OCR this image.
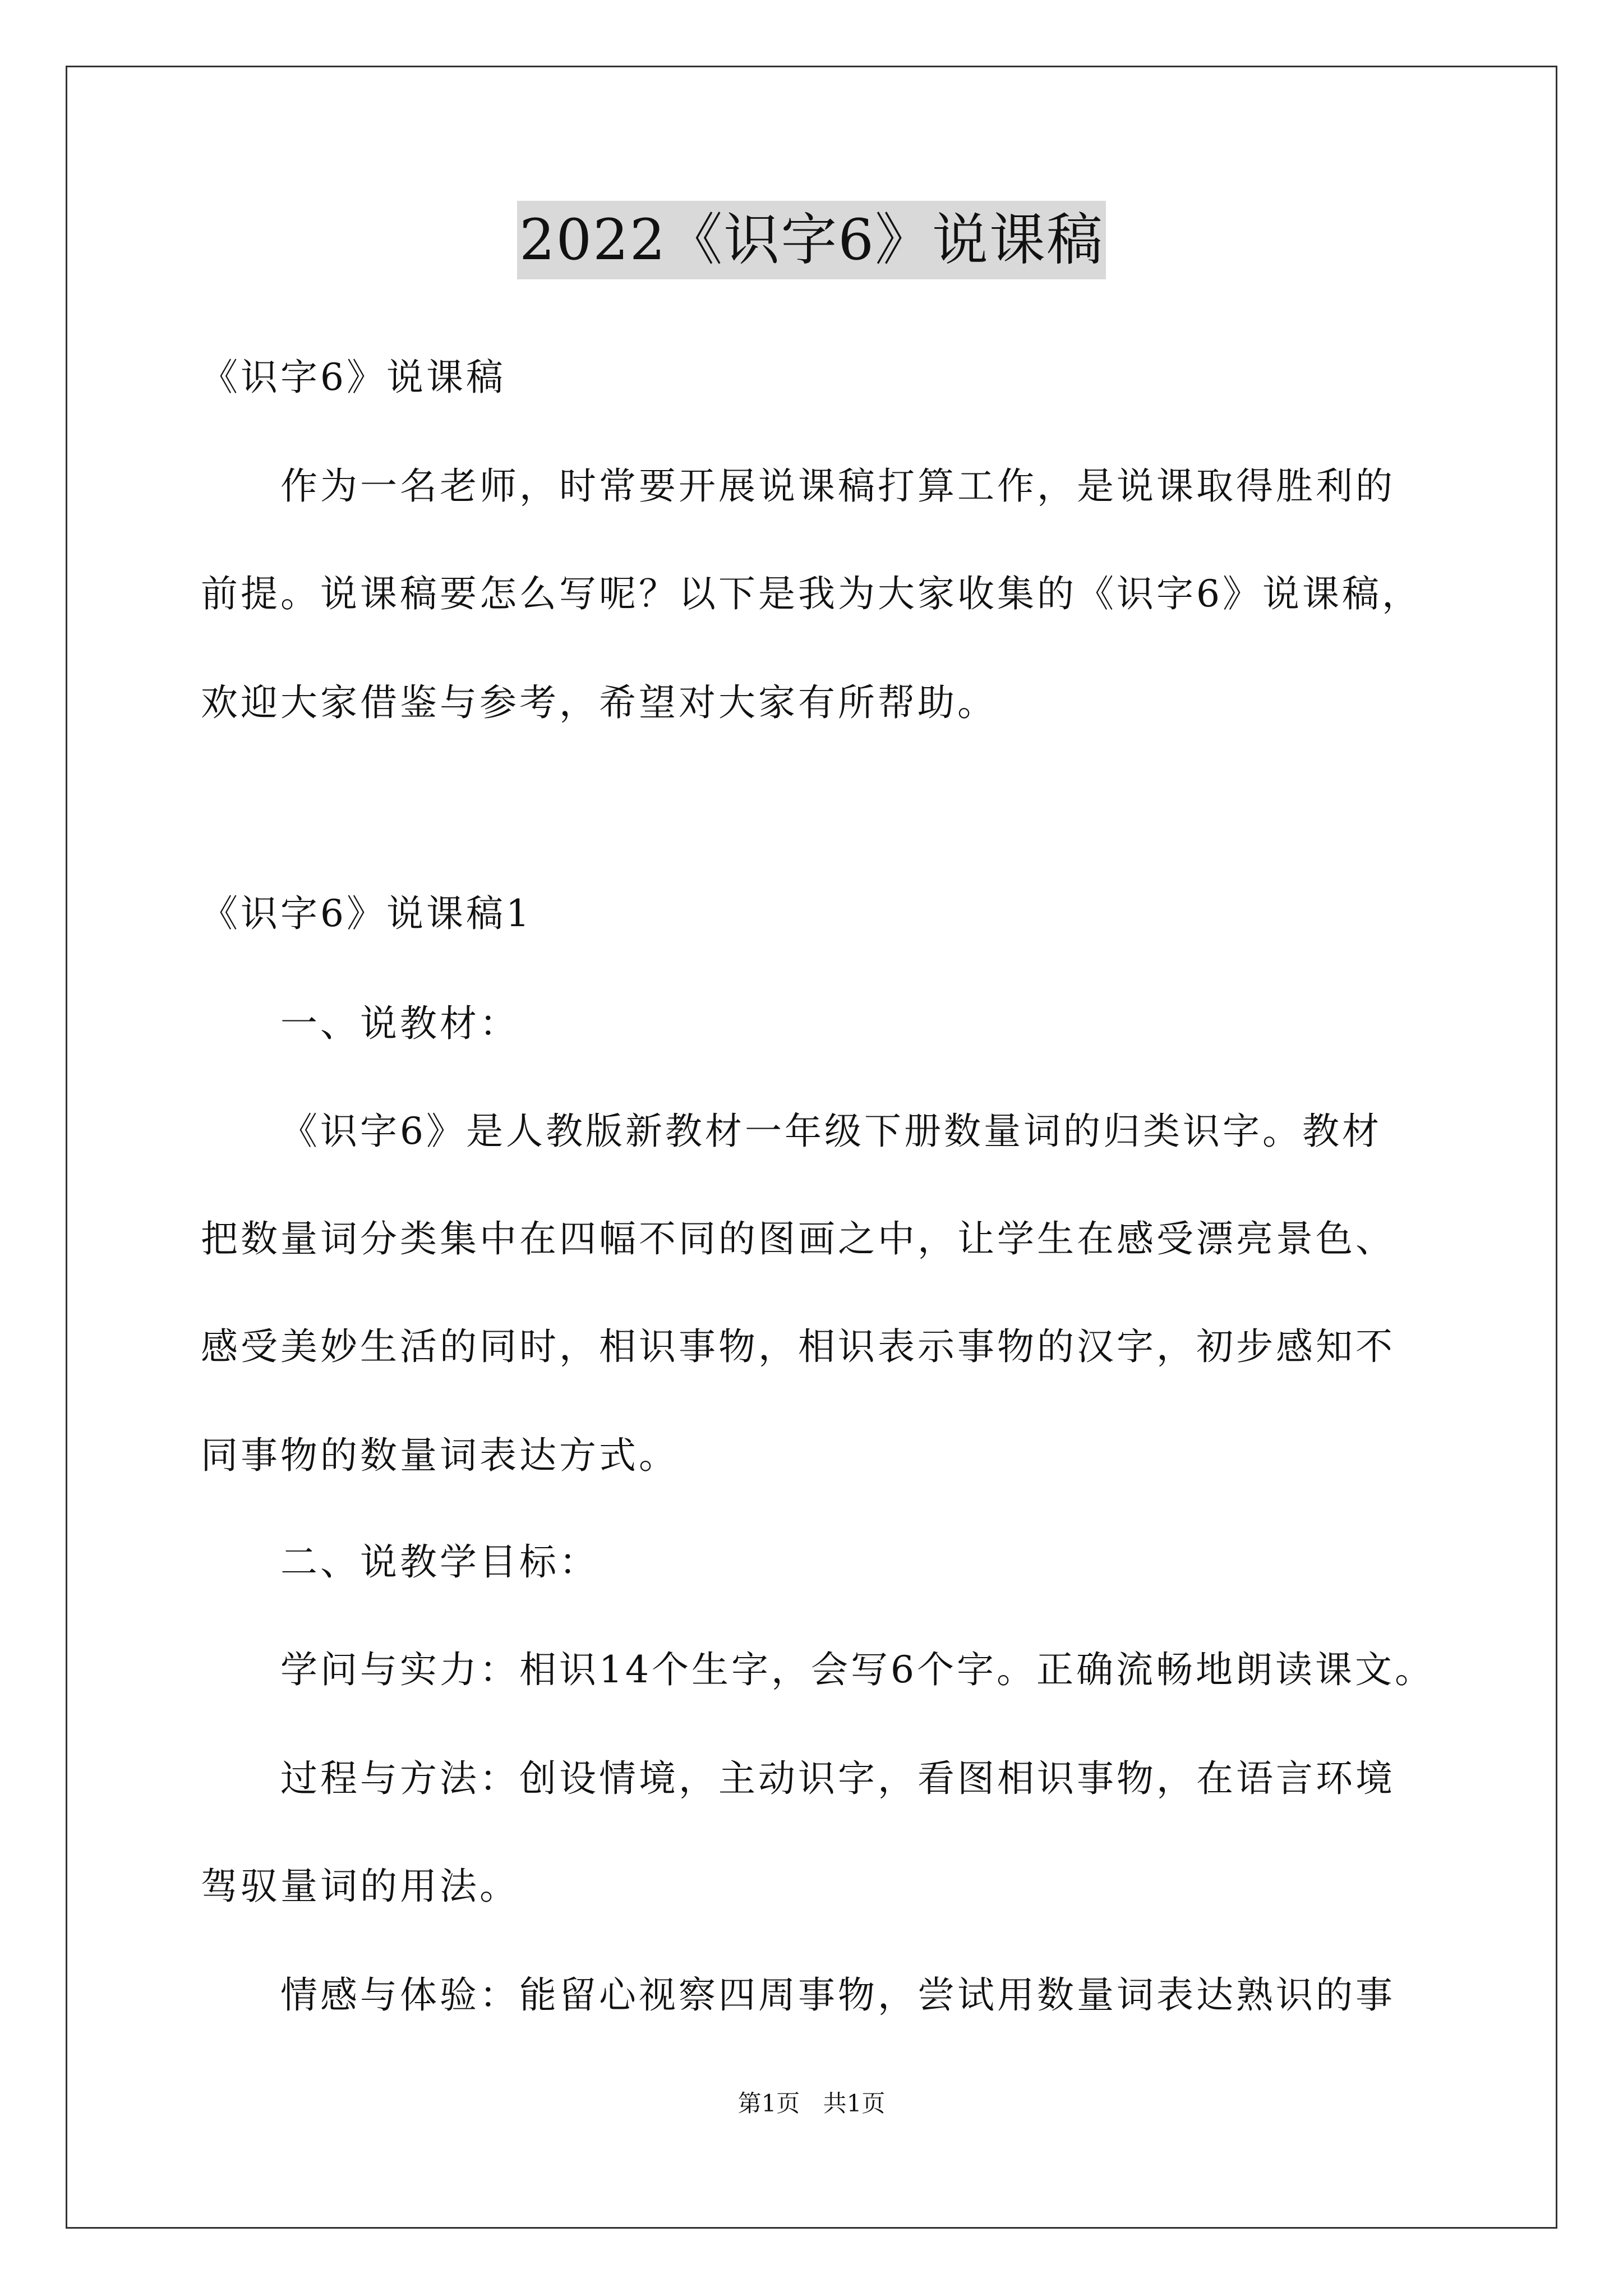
2022《识字6》说课稿
《识字6》说课稿
作为一名老师，时常要开展说课稿打算工作，是说课取得胜利的
前提。说课稿要怎么写呢？以下是我为大家收集的《识字6》说课稿，
欢迎大家借鉴与参考，希望对大家有所帮助。
《识字6》说课稿1
一、说教材：
《识字6》是人教版新教材一年级下册数量词的归类识字。教材
把数量词分类集中在四幅不同的图画之中，让学生在感受漂亮景色、
感受美妙生活的同时，相识事物，相识表示事物的汉字，初步感知不
同事物的数量词表达方式。
二、说教学目标：
学问与实力：相识14个生字，会写6个字。正确流畅地朗读课文。
过程与方法：创设情境，主动识字，看图相识事物，在语言环境
驾驭量词的用法。
情感与体验：能留心视察四周事物，尝试用数量词表达熟识的事
第1页 共1页
